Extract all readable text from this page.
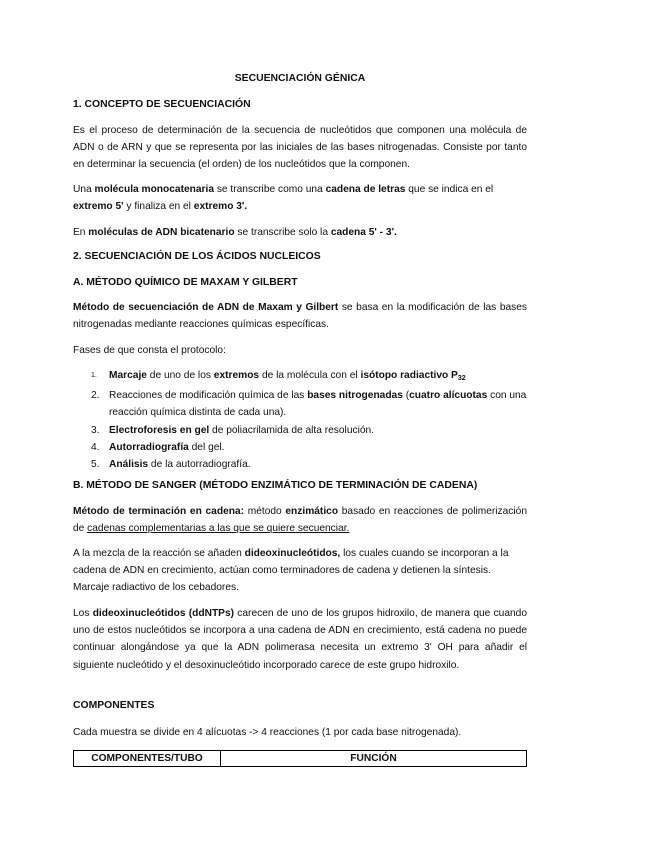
SECUENCIACIÓN GÉNICA
1. CONCEPTO DE SECUENCIACIÓN
Es el proceso de determinación de la secuencia de nucleótidos que componen una molécula de ADN o de ARN y que se representa por las iniciales de las bases nitrogenadas. Consiste por tanto en determinar la secuencia (el orden) de los nucleótidos que la componen.
Una molécula monocatenaria se transcribe como una cadena de letras que se indica en el extremo 5' y finaliza en el extremo 3'.
En moléculas de ADN bicatenario se transcribe solo la cadena 5' - 3'.
2. SECUENCIACIÓN DE LOS ÁCIDOS NUCLEICOS
A. MÉTODO QUÍMICO DE MAXAM Y GILBERT
Método de secuenciación de ADN de Maxam y Gilbert se basa en la modificación de las bases nitrogenadas mediante reacciones químicas específicas.
Fases de que consta el protocolo:
1. Marcaje de uno de los extremos de la molécula con el isótopo radiactivo $P_{32}$
2. Reacciones de modificación química de las bases nitrogenadas (cuatro alícuotas con una reacción química distinta de cada una).
3. Electroforesis en gel de poliacrilamida de alta resolución.
4. Autorradiografía del gel.
5. Análisis de la autorradiografía.
B. MÉTODO DE SANGER (MÉTODO ENZIMÁTICO DE TERMINACIÓN DE CADENA)
Método de terminación en cadena: método enzimático basado en reacciones de polimerización de cadenas complementarias a las que se quiere secuenciar.
A la mezcla de la reacción se añaden dideoxinucleótidos, los cuales cuando se incorporan a la cadena de ADN en crecimiento, actúan como terminadores de cadena y detienen la síntesis. Marcaje radiactivo de los cebadores.
Los dideoxinucleótidos (ddNTPs) carecen de uno de los grupos hidroxilo, de manera que cuando uno de estos nucleótidos se incorpora a una cadena de ADN en crecimiento, está cadena no puede continuar alongándose ya que la ADN polimerasa necesita un extremo 3' OH para añadir el siguiente nucleótido y el desoxinucleótido incorporado carece de este grupo hidroxilo.
COMPONENTES
Cada muestra se divide en 4 alícuotas -> 4 reacciones (1 por cada base nitrogenada).
COMPONENTES/TUBO	FUNCIÓN
